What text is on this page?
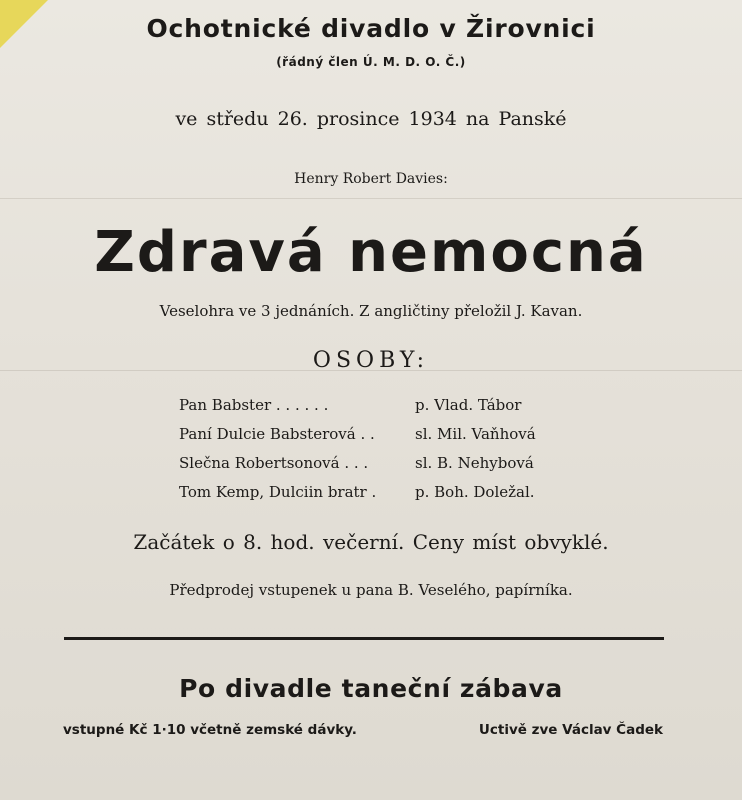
Ochotnické divadlo v Žirovnici
(řádný člen Ú. M. D. O. Č.)
ve středu 26. prosince 1934 na Panské
Henry Robert Davies:
Zdravá nemocná
Veselohra ve 3 jednáních. Z angličtiny přeložil J. Kavan.
OSOBY:
Pan Babster . . . . . .	p. Vlad. Tábor
Paní Dulcie Babsterová . .	sl. Mil. Vaňhová
Slečna Robertsonová . . .	sl. B. Nehybová
Tom Kemp, Dulciin bratr .	p. Boh. Doležal.
Začátek o 8. hod. večerní. Ceny míst obvyklé.
Předprodej vstupenek u pana B. Veselého, papírníka.
Po divadle taneční zábava
vstupné Kč 1·10 včetně zemské dávky.	Uctivě zve Václav Čadek
